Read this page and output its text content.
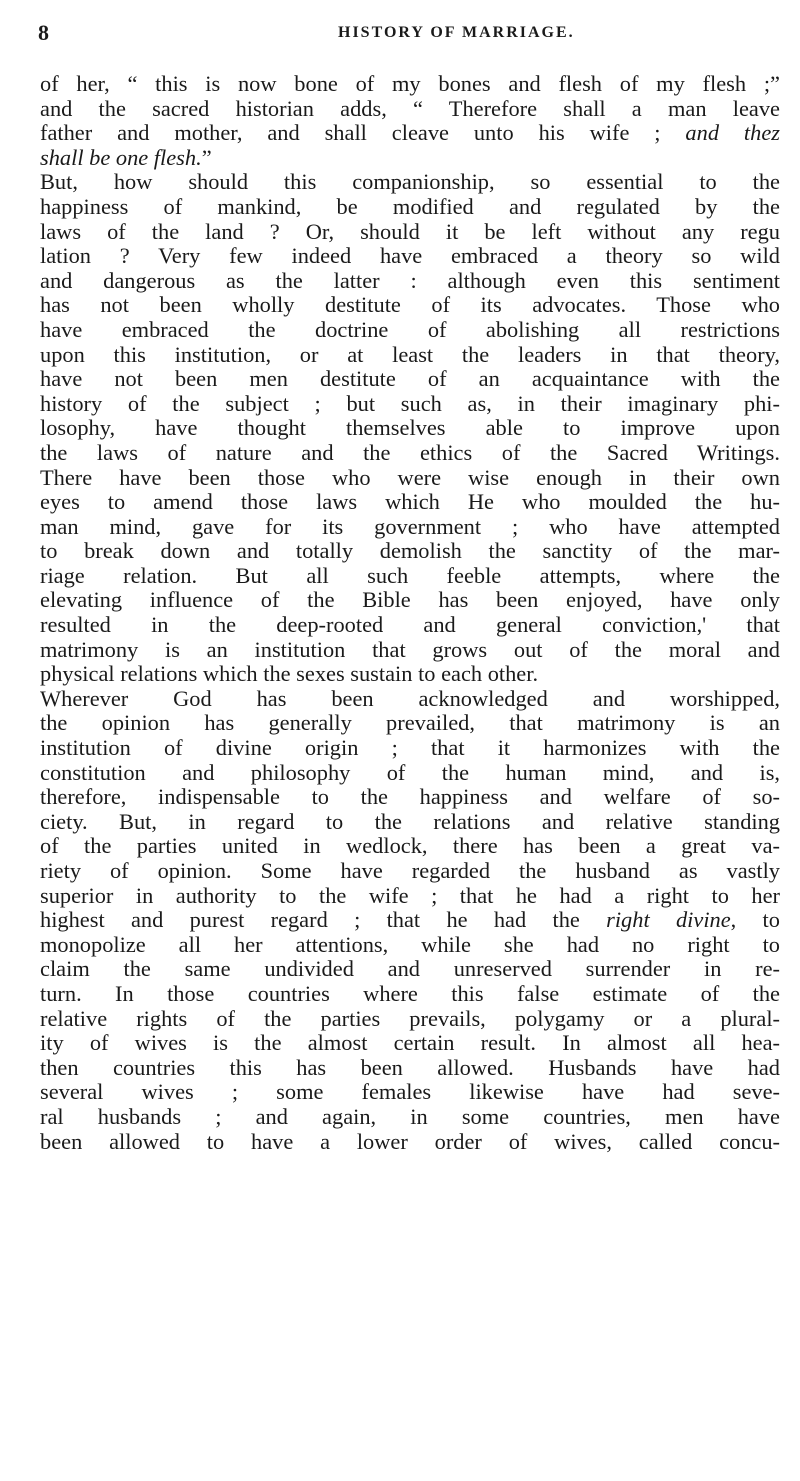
8	HISTORY OF MARRIAGE.
of her, “ this is now bone of my bones and flesh of my flesh ;”
and the sacred historian adds, “ Therefore shall a man leave
father and mother, and shall cleave unto his wife ; and thez
shall be one flesh.”
But, how should this companionship, so essential to the
happiness of mankind, be modified and regulated by the
laws of the land ? Or, should it be left without any regu
lation ? Very few indeed have embraced a theory so wild
and dangerous as the latter : although even this sentiment
has not been wholly destitute of its advocates. Those who
have embraced the doctrine of abolishing all restrictions
upon this institution, or at least the leaders in that theory,
have not been men destitute of an acquaintance with the
history of the subject ; but such as, in their imaginary phi-
losophy, have thought themselves able to improve upon
the laws of nature and the ethics of the Sacred Writings.
There have been those who were wise enough in their own
eyes to amend those laws which He who moulded the hu-
man mind, gave for its government ; who have attempted
to break down and totally demolish the sanctity of the mar-
riage relation. But all such feeble attempts, where the
elevating influence of the Bible has been enjoyed, have only
resulted in the deep-rooted and general conviction,' that
matrimony is an institution that grows out of the moral and
physical relations which the sexes sustain to each other.
Wherever God has been acknowledged and worshipped,
the opinion has generally prevailed, that matrimony is an
institution of divine origin ; that it harmonizes with the
constitution and philosophy of the human mind, and is,
therefore, indispensable to the happiness and welfare of so-
ciety. But, in regard to the relations and relative standing
of the parties united in wedlock, there has been a great va-
riety of opinion. Some have regarded the husband as vastly
superior in authority to the wife ; that he had a right to her
highest and purest regard ; that he had the right divine, to
monopolize all her attentions, while she had no right to
claim the same undivided and unreserved surrender in re-
turn. In those countries where this false estimate of the
relative rights of the parties prevails, polygamy or a plural-
ity of wives is the almost certain result. In almost all hea-
then countries this has been allowed. Husbands have had
several wives ; some females likewise have had seve-
ral husbands ; and again, in some countries, men have
been allowed to have a lower order of wives, called concu-
